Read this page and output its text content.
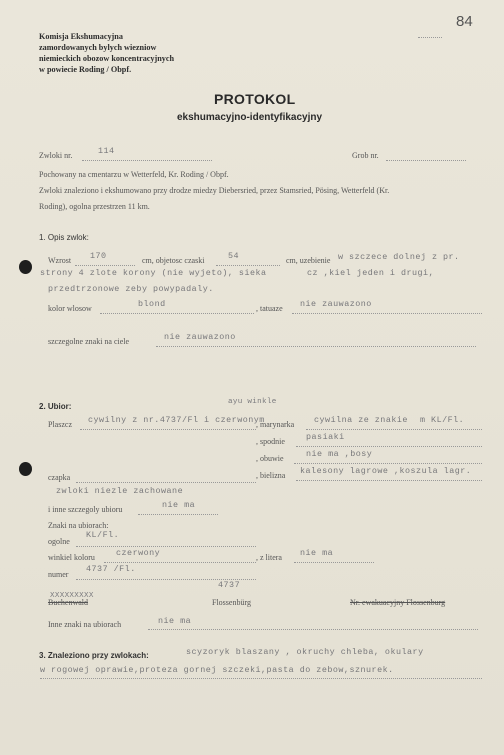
84
Komisja Ekshumacyjna
zamordowanych bylych wiezniow
niemieckich obozow koncentracyjnych
w powiecie Roding / Obpf.
PROTOKOL
ekshumacyjno-identyfikacyjny
Zwloki nr.	114	Grob nr.
Pochowany na cmentarzu w Wetterfeld, Kr. Roding / Obpf.
Zwloki znaleziono i ekshumowano przy drodze miedzy Diebersried, przez Stamsried, Pösing, Wetterfeld (Kr.
Roding), ogolna przestrzen 11 km.
1. Opis zwlok:
Wzrost 170	cm, objetosc czaski	54	cm, uzebienie w szczece dolnej z pr.
strony 4 zlote korony (nie wyjeto), sieka	cz ,kiel jeden i drugi,
przedtrzonowe zeby powypadaly.
kolor wlosow	blond	, tatuaze nie zauwazono
szczegolne znaki na ciele	nie zauwazono
2. Ubior:	ayu winkle
Plaszcz cywilny z nr.4737/Fl i czerwonym
, marynarka cywilna ze znakie m KL/Fl.
, spodnie	pasiaki
, obuwie	nie ma ,bosy
czapka	, bielizna kalesony lagrowe ,koszula lagr.
zwloki niezle zachowane
i inne szczegoly ubioru	nie ma
Znaki na ubiorach:
ogolne
KL/Fl.
winkiel koloru	czerwony	, z litera nie ma
numer
4737 /Fl.
4737
XXXXXXXXX
Buchenwald	Flossenbürg	Nr. ewakuacyjny Flossenburg
Inne znaki na ubiorach	nie ma
3. Znaleziono przy zwlokach:	scyzoryk blaszany , okruchy chleba, okulary
w rogowej oprawie,proteza gornej szczeki,pasta do zebow,sznurek.
